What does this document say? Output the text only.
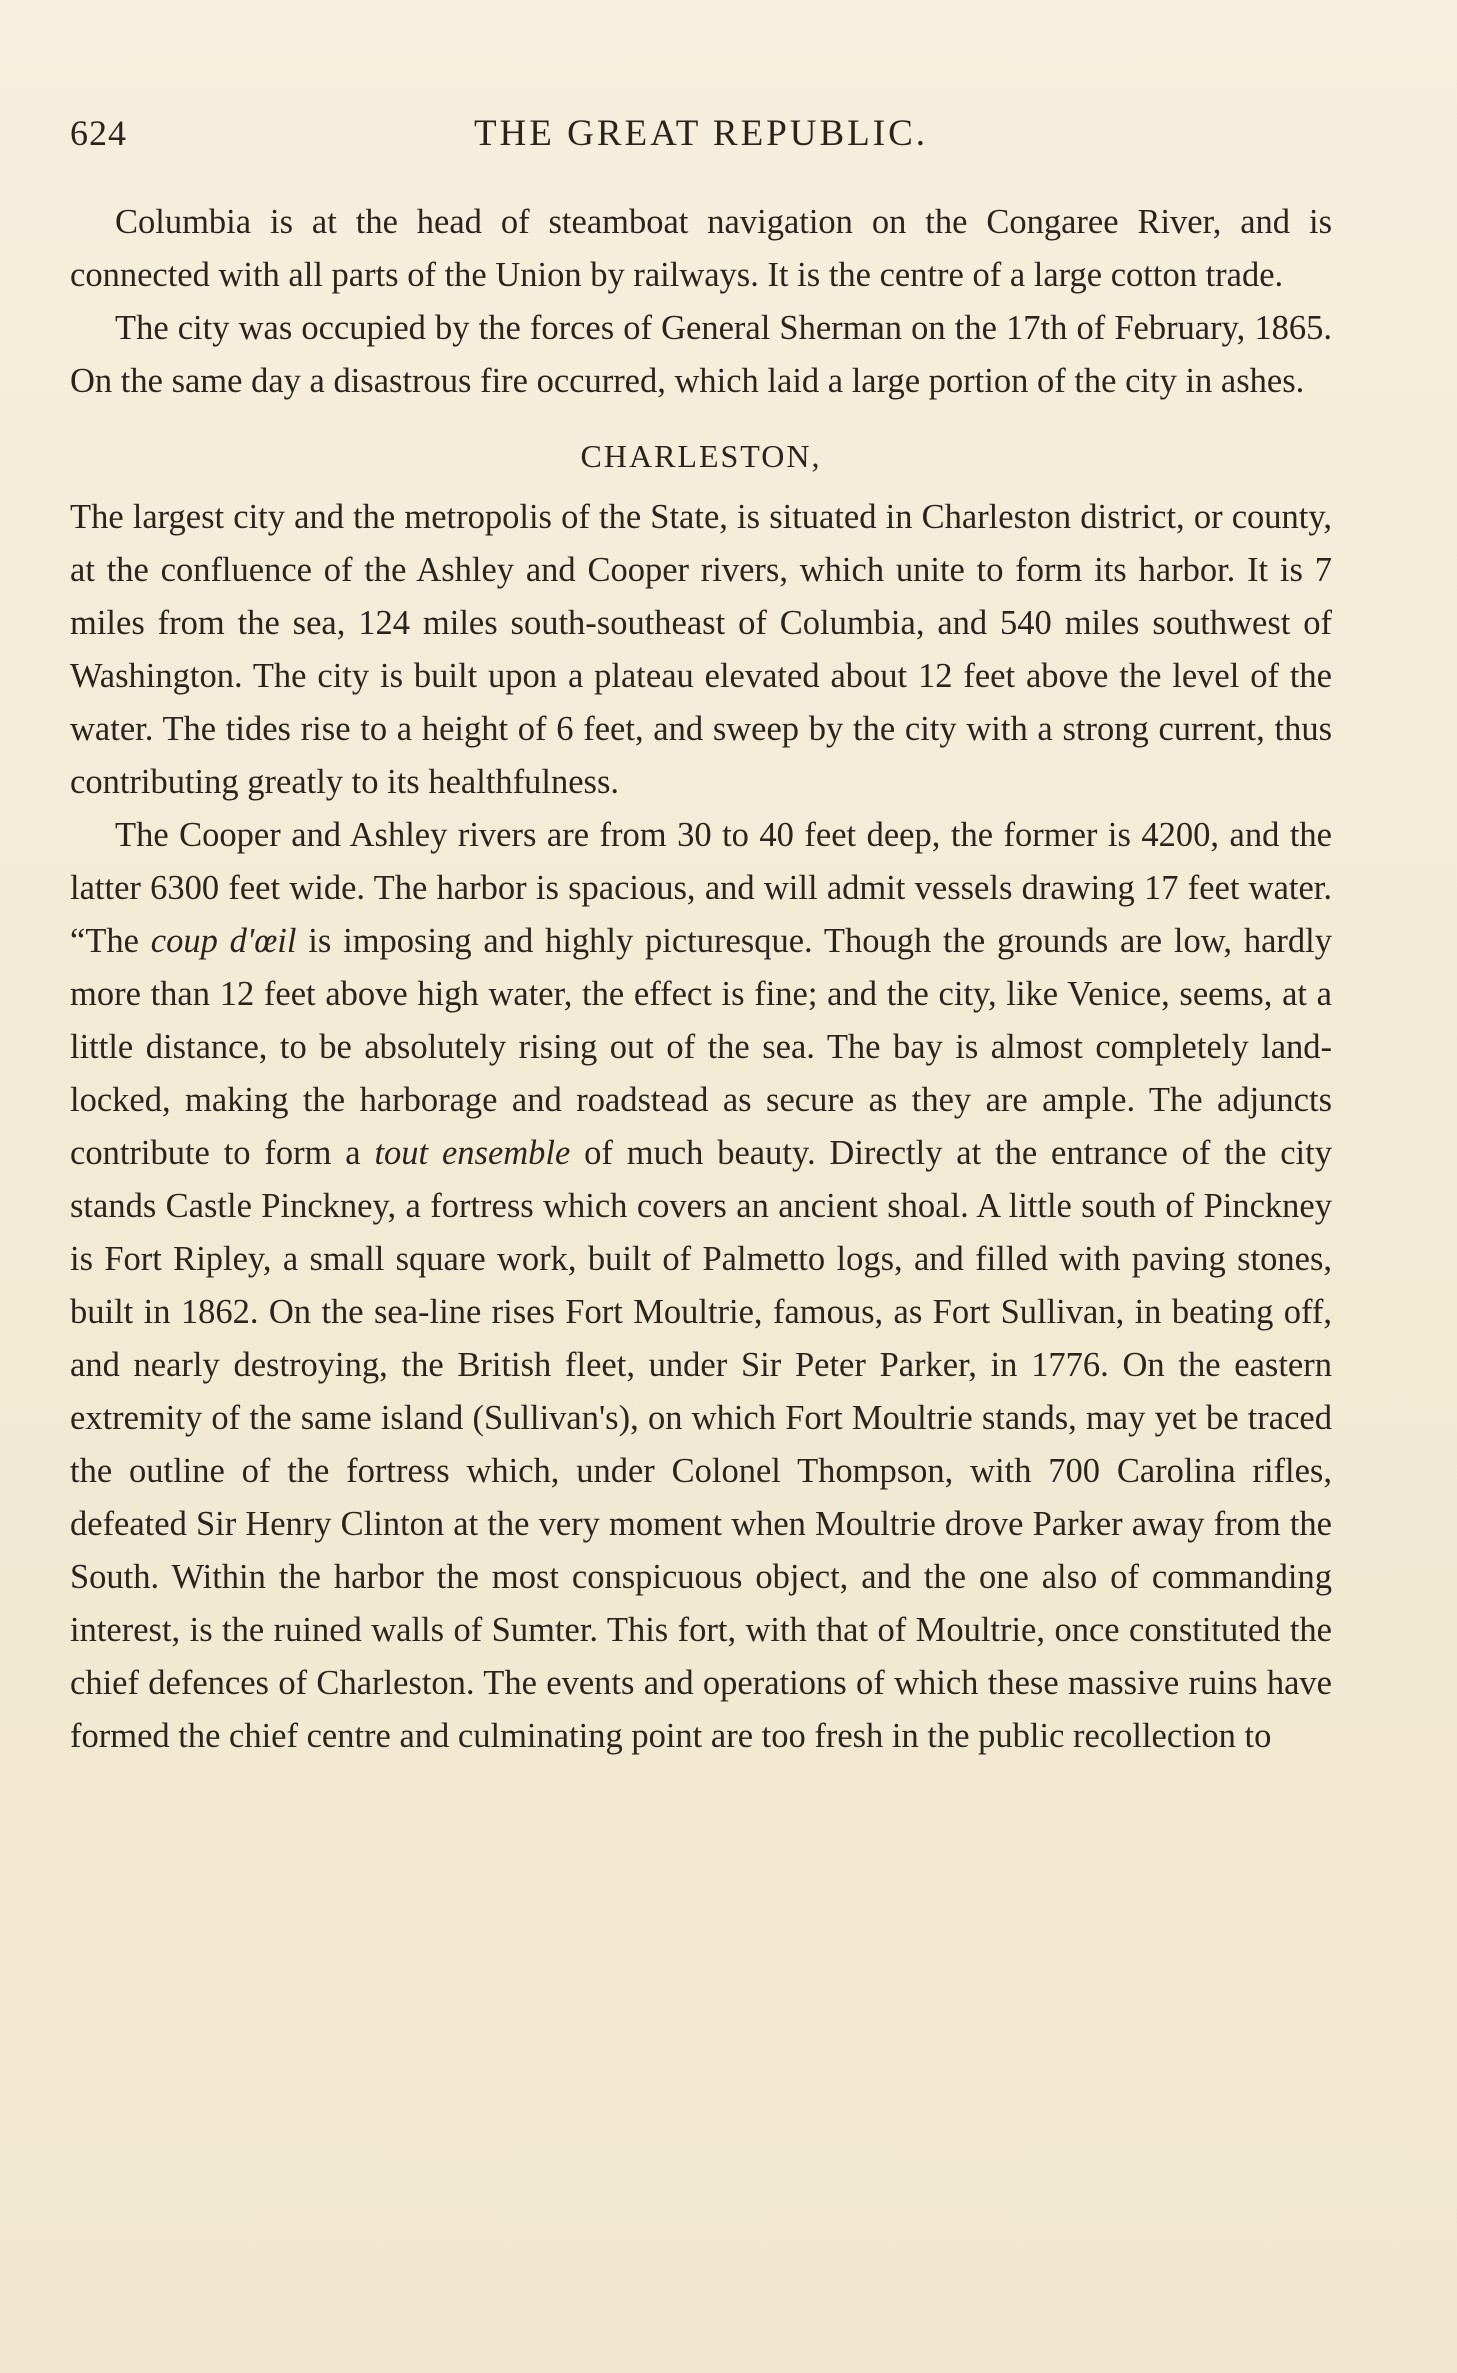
624	THE GREAT REPUBLIC.

Columbia is at the head of steamboat navigation on the Congaree River, and is connected with all parts of the Union by railways. It is the centre of a large cotton trade.

The city was occupied by the forces of General Sherman on the 17th of February, 1865. On the same day a disastrous fire occurred, which laid a large portion of the city in ashes.

CHARLESTON,

The largest city and the metropolis of the State, is situated in Charleston district, or county, at the confluence of the Ashley and Cooper rivers, which unite to form its harbor. It is 7 miles from the sea, 124 miles south-southeast of Columbia, and 540 miles southwest of Washington. The city is built upon a plateau elevated about 12 feet above the level of the water. The tides rise to a height of 6 feet, and sweep by the city with a strong current, thus contributing greatly to its healthfulness.

The Cooper and Ashley rivers are from 30 to 40 feet deep, the former is 4200, and the latter 6300 feet wide. The harbor is spacious, and will admit vessels drawing 17 feet water. “The coup d'œil is imposing and highly picturesque. Though the grounds are low, hardly more than 12 feet above high water, the effect is fine; and the city, like Venice, seems, at a little distance, to be absolutely rising out of the sea. The bay is almost completely land-locked, making the harborage and roadstead as secure as they are ample. The adjuncts contribute to form a tout ensemble of much beauty. Directly at the entrance of the city stands Castle Pinckney, a fortress which covers an ancient shoal. A little south of Pinckney is Fort Ripley, a small square work, built of Palmetto logs, and filled with paving stones, built in 1862. On the sea-line rises Fort Moultrie, famous, as Fort Sullivan, in beating off, and nearly destroying, the British fleet, under Sir Peter Parker, in 1776. On the eastern extremity of the same island (Sullivan's), on which Fort Moultrie stands, may yet be traced the outline of the fortress which, under Colonel Thompson, with 700 Carolina rifles, defeated Sir Henry Clinton at the very moment when Moultrie drove Parker away from the South. Within the harbor the most conspicuous object, and the one also of commanding interest, is the ruined walls of Sumter. This fort, with that of Moultrie, once constituted the chief defences of Charleston. The events and operations of which these massive ruins have formed the chief centre and culminating point are too fresh in the public recollection to
